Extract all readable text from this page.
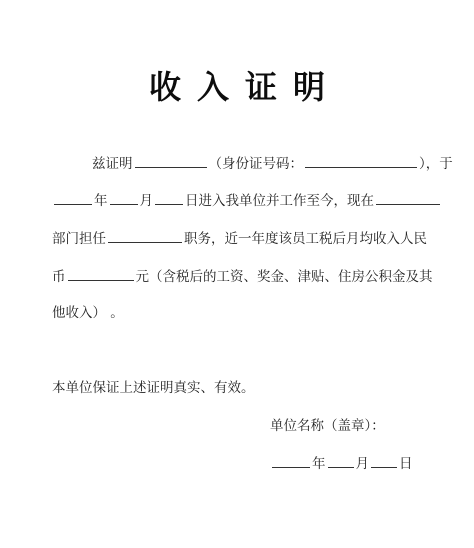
收入证明
兹证明	（身份证号码：	），于
年 月 日进入我单位并工作至今，现在
部门担任	职务，近一年度该员工税后月均收入人民
币	元（含税后的工资、奖金、津贴、住房公积金及其
他收入） 。
本单位保证上述证明真实、有效。
单位名称（盖章）：
年 月 日
